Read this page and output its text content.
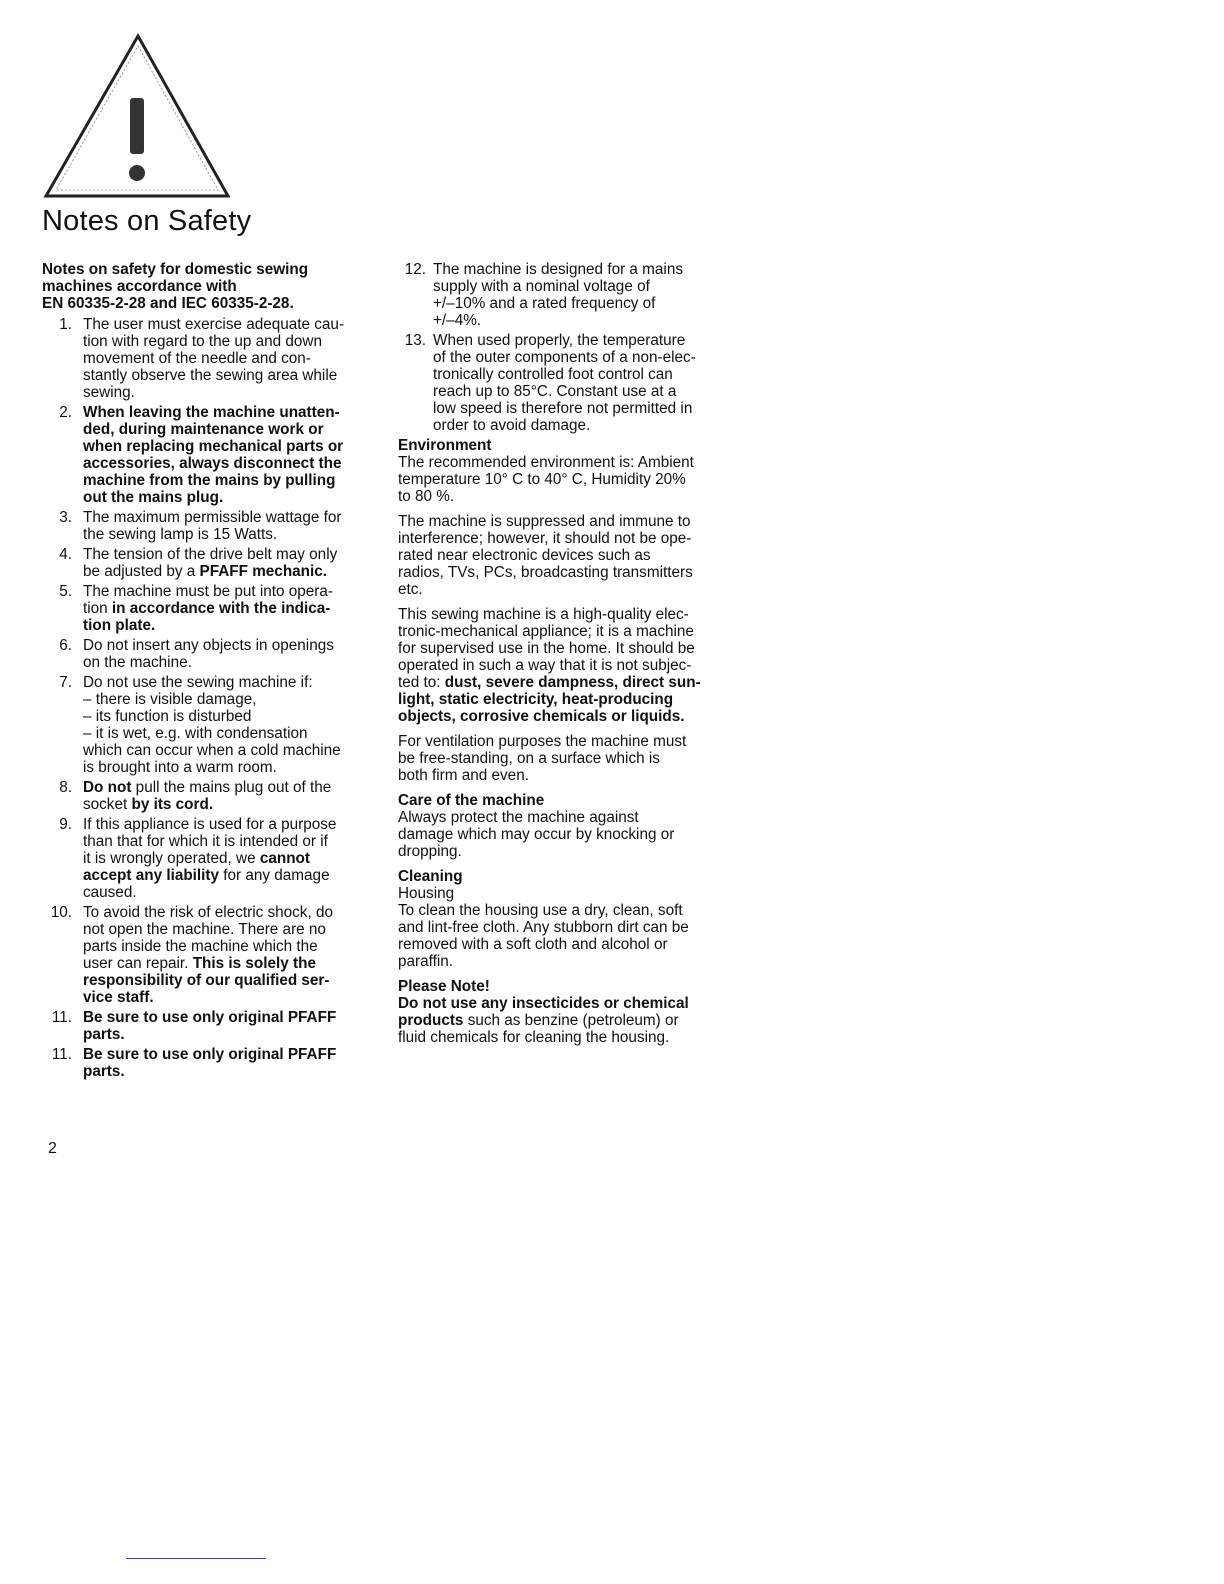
Notes on Safety
Notes on safety for domestic sewing
machines accordance with
EN 60335-2-28 and IEC 60335-2-28.
1. The user must exercise adequate cau-
tion with regard to the up and down
movement of the needle and con-
stantly observe the sewing area while
sewing.
2. When leaving the machine unatten-
ded, during maintenance work or
when replacing mechanical parts or
accessories, always disconnect the
machine from the mains by pulling
out the mains plug.
3. The maximum permissible wattage for
the sewing lamp is 15 Watts.
4. The tension of the drive belt may only
be adjusted by a PFAFF mechanic.
5. The machine must be put into opera-
tion in accordance with the indica-
tion plate.
6. Do not insert any objects in openings
on the machine.
7. Do not use the sewing machine if:
– there is visible damage,
– its function is disturbed
– it is wet, e.g. with condensation
which can occur when a cold machine
is brought into a warm room.
8. Do not pull the mains plug out of the
socket by its cord.
9. If this appliance is used for a purpose
than that for which it is intended or if
it is wrongly operated, we cannot
accept any liability for any damage
caused.
10. To avoid the risk of electric shock, do
not open the machine. There are no
parts inside the machine which the
user can repair. This is solely the
responsibility of our qualified ser-
vice staff.
11. Be sure to use only original PFAFF
parts.
11. Be sure to use only original PFAFF
parts.
12. The machine is designed for a mains
supply with a nominal voltage of
+/–10% and a rated frequency of
+/–4%.
13. When used properly, the temperature
of the outer components of a non-elec-
tronically controlled foot control can
reach up to 85°C. Constant use at a
low speed is therefore not permitted in
order to avoid damage.
Environment
The recommended environment is: Ambient
temperature 10° C to 40° C, Humidity 20%
to 80 %.
The machine is suppressed and immune to
interference; however, it should not be ope-
rated near electronic devices such as
radios, TVs, PCs, broadcasting transmitters
etc.
This sewing machine is a high-quality elec-
tronic-mechanical appliance; it is a machine
for supervised use in the home. It should be
operated in such a way that it is not subjec-
ted to: dust, severe dampness, direct sun-
light, static electricity, heat-producing
objects, corrosive chemicals or liquids.
For ventilation purposes the machine must
be free-standing, on a surface which is
both firm and even.
Care of the machine
Always protect the machine against
damage which may occur by knocking or
dropping.
Cleaning
Housing
To clean the housing use a dry, clean, soft
and lint-free cloth. Any stubborn dirt can be
removed with a soft cloth and alcohol or
paraffin.
Please Note!
Do not use any insecticides or chemical
products such as benzine (petroleum) or
fluid chemicals for cleaning the housing.
2
